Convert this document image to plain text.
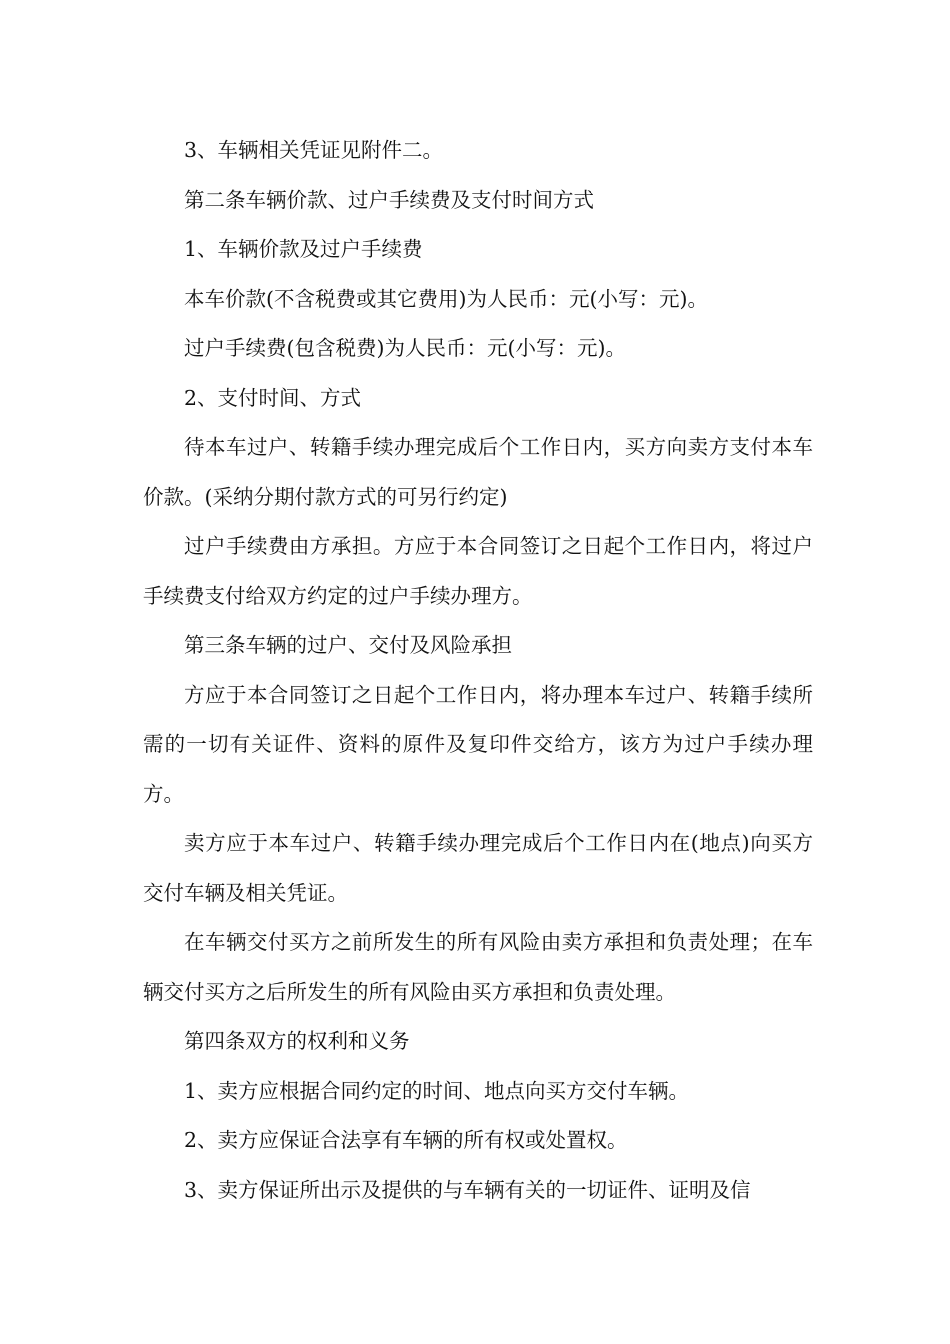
3、车辆相关凭证见附件二。

第二条车辆价款、过户手续费及支付时间方式

1、车辆价款及过户手续费

本车价款(不含税费或其它费用)为人民币：元(小写：元)。

过户手续费(包含税费)为人民币：元(小写：元)。

2、支付时间、方式

待本车过户、转籍手续办理完成后个工作日内，买方向卖方支付本车价款。(采纳分期付款方式的可另行约定)

过户手续费由方承担。方应于本合同签订之日起个工作日内，将过户手续费支付给双方约定的过户手续办理方。

第三条车辆的过户、交付及风险承担

方应于本合同签订之日起个工作日内，将办理本车过户、转籍手续所需的一切有关证件、资料的原件及复印件交给方，该方为过户手续办理方。

卖方应于本车过户、转籍手续办理完成后个工作日内在(地点)向买方交付车辆及相关凭证。

在车辆交付买方之前所发生的所有风险由卖方承担和负责处理；在车辆交付买方之后所发生的所有风险由买方承担和负责处理。

第四条双方的权利和义务

1、卖方应根据合同约定的时间、地点向买方交付车辆。

2、卖方应保证合法享有车辆的所有权或处置权。

3、卖方保证所出示及提供的与车辆有关的一切证件、证明及信
